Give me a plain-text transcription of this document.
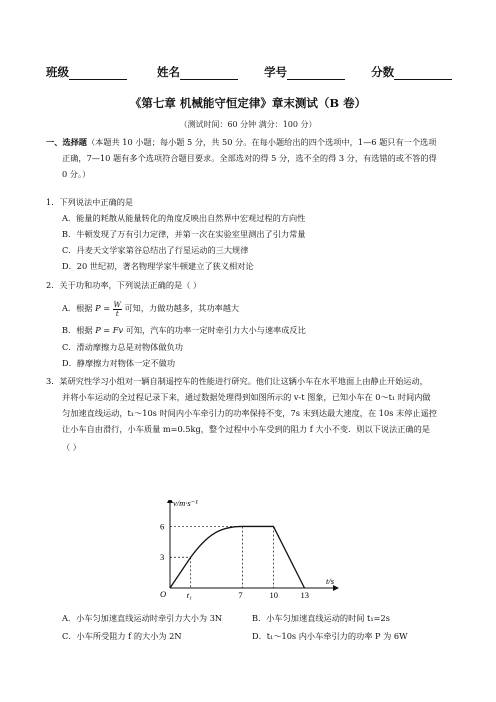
班级	姓名	学号	分数
《第七章 机械能守恒定律》章末测试（B 卷）
（测试时间：60 分钟 满分：100 分）
一、选择题（本题共 10 小题；每小题 5 分，共 50 分。在每小题给出的四个选项中，1—6 题只有一个选项
正确，7—10 题有多个选项符合题目要求。全部选对的得 5 分，选不全的得 3 分，有选错的或不答的得
0 分。）
1．下列说法中正确的是
A．能量的耗散从能量转化的角度反映出自然界中宏观过程的方向性
B．牛顿发现了万有引力定律，并第一次在实验室里测出了引力常量
C．丹麦天文学家第谷总结出了行星运动的三大规律
D．20 世纪初，著名物理学家牛顿建立了狭义相对论
2．关于功和功率，下列说法正确的是（ ）
A．根据 $P = \frac{W}{t}$ 可知，力做功越多，其功率越大
B．根据 P = Fv 可知，汽车的功率一定时牵引力大小与速率成反比
C．滑动摩擦力总是对物体做负功
D．静摩擦力对物体一定不做功
3．某研究性学习小组对一辆自制遥控车的性能进行研究。他们让这辆小车在水平地面上由静止开始运动，
并将小车运动的全过程记录下来，通过数据处理得到如图所示的 v-t 图象，已知小车在 0～t₁ 时间内做
匀加速直线运动，t₁～10s 时间内小车牵引力的功率保持不变，7s 末到达最大速度，在 10s 末停止遥控
让小车自由滑行，小车质量 m=0.5kg，整个过程中小车受到的阻力 f 大小不变．则以下说法正确的是
（ ）
v/m·s⁻¹
t/s
O
3
6
t₁	7	10	13
A．小车匀加速直线运动时牵引力大小为 3N	B．小车匀加速直线运动的时间 t₁=2s
C．小车所受阻力 f 的大小为 2N	D．t₁～10s 内小车牵引力的功率 P 为 6W
